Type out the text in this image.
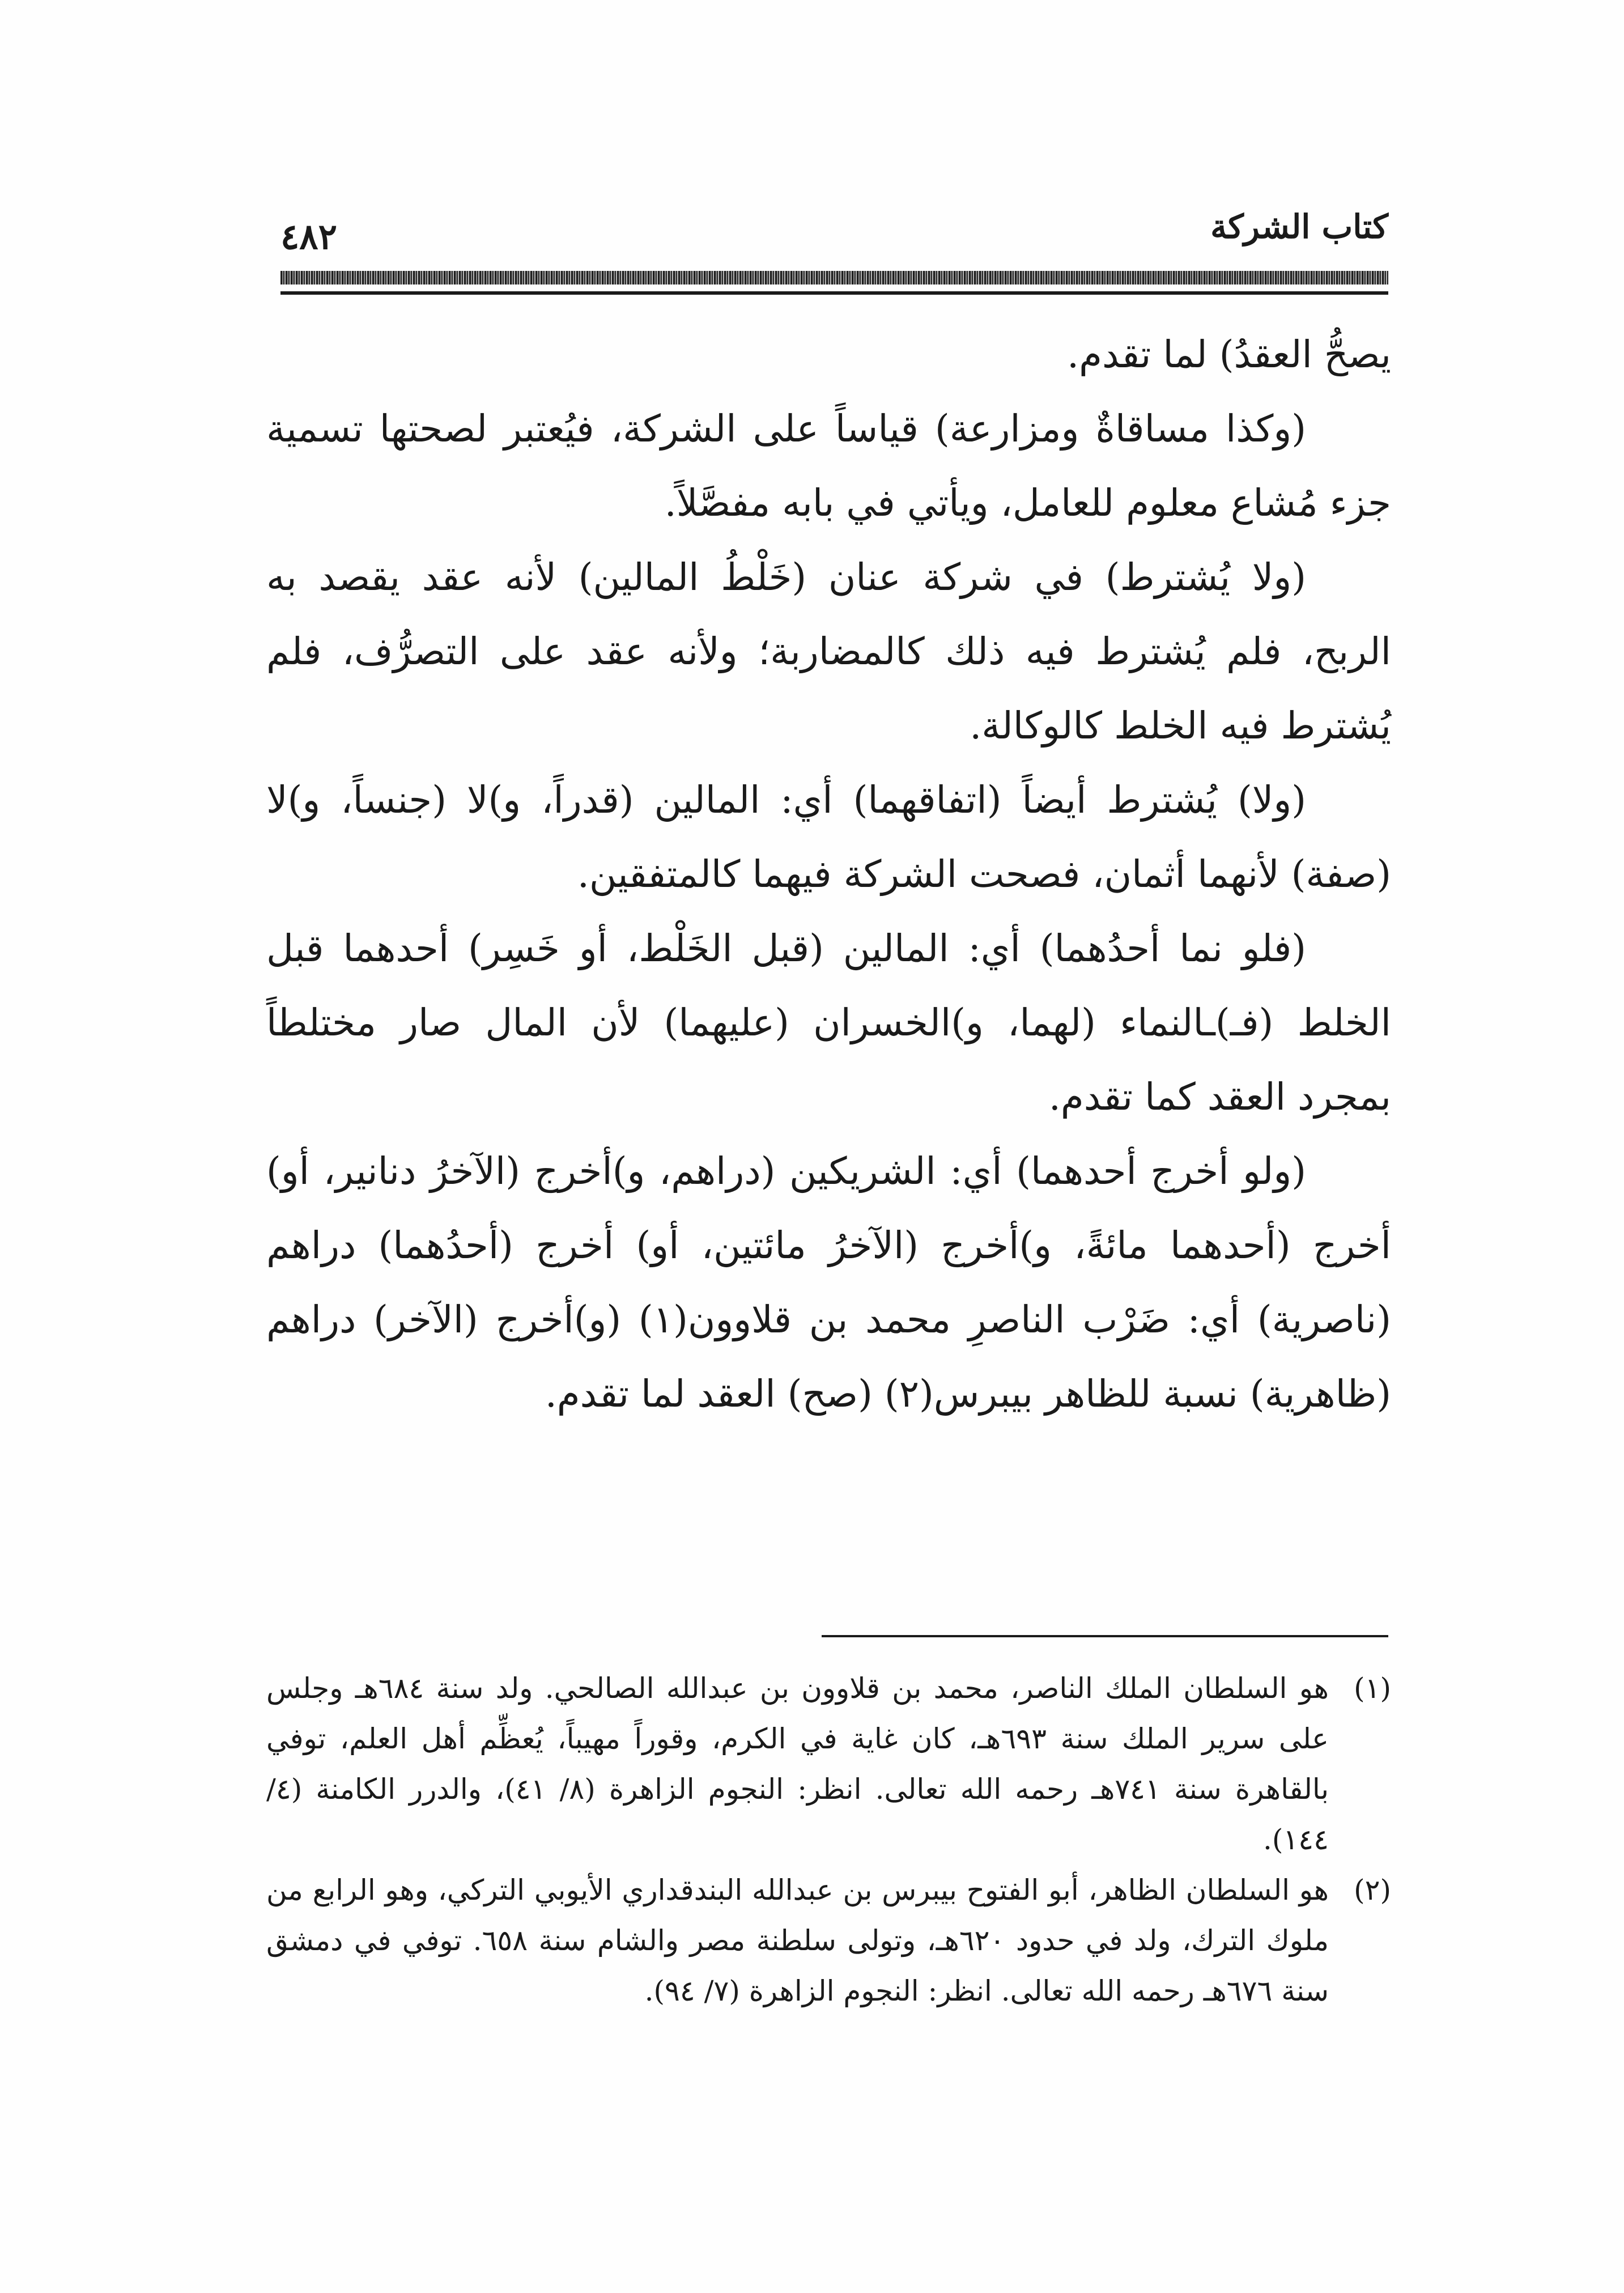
كتاب الشركة
٤٨٢

يصحُّ العقدُ) لما تقدم.

(وكذا مساقاةٌ ومزارعة) قياساً على الشركة، فيُعتبر لصحتها تسمية جزء مُشاع معلوم للعامل، ويأتي في بابه مفصَّلاً.

(ولا يُشترط) في شركة عنان (خَلْطُ المالين) لأنه عقد يقصد به الربح، فلم يُشترط فيه ذلك كالمضاربة؛ ولأنه عقد على التصرُّف، فلم يُشترط فيه الخلط كالوكالة.

(ولا) يُشترط أيضاً (اتفاقهما) أي: المالين (قدراً، و)لا (جنساً، و)لا (صفة) لأنهما أثمان، فصحت الشركة فيهما كالمتفقين.

(فلو نما أحدُهما) أي: المالين (قبل الخَلْط، أو خَسِر) أحدهما قبل الخلط (فـ)ـالنماء (لهما، و)الخسران (عليهما) لأن المال صار مختلطاً بمجرد العقد كما تقدم.

(ولو أخرج أحدهما) أي: الشريكين (دراهم، و)أخرج (الآخرُ دنانير، أو) أخرج (أحدهما مائةً، و)أخرج (الآخرُ مائتين، أو) أخرج (أحدُهما) دراهم (ناصرية) أي: ضَرْب الناصرِ محمد بن قلاوون(١) (و)أخرج (الآخر) دراهم (ظاهرية) نسبة للظاهر بيبرس(٢) (صح) العقد لما تقدم.

(١)
هو السلطان الملك الناصر، محمد بن قلاوون بن عبدالله الصالحي. ولد سنة ٦٨٤هـ وجلس على سرير الملك سنة ٦٩٣هـ، كان غاية في الكرم، وقوراً مهيباً، يُعظِّم أهل العلم، توفي بالقاهرة سنة ٧٤١هـ رحمه الله تعالى. انظر: النجوم الزاهرة (٨/ ٤١)، والدرر الكامنة (٤/ ١٤٤).
(٢)
هو السلطان الظاهر، أبو الفتوح بيبرس بن عبدالله البندقداري الأيوبي التركي، وهو الرابع من ملوك الترك، ولد في حدود ٦٢٠هـ، وتولى سلطنة مصر والشام سنة ٦٥٨. توفي في دمشق سنة ٦٧٦هـ رحمه الله تعالى. انظر: النجوم الزاهرة (٧/ ٩٤).
